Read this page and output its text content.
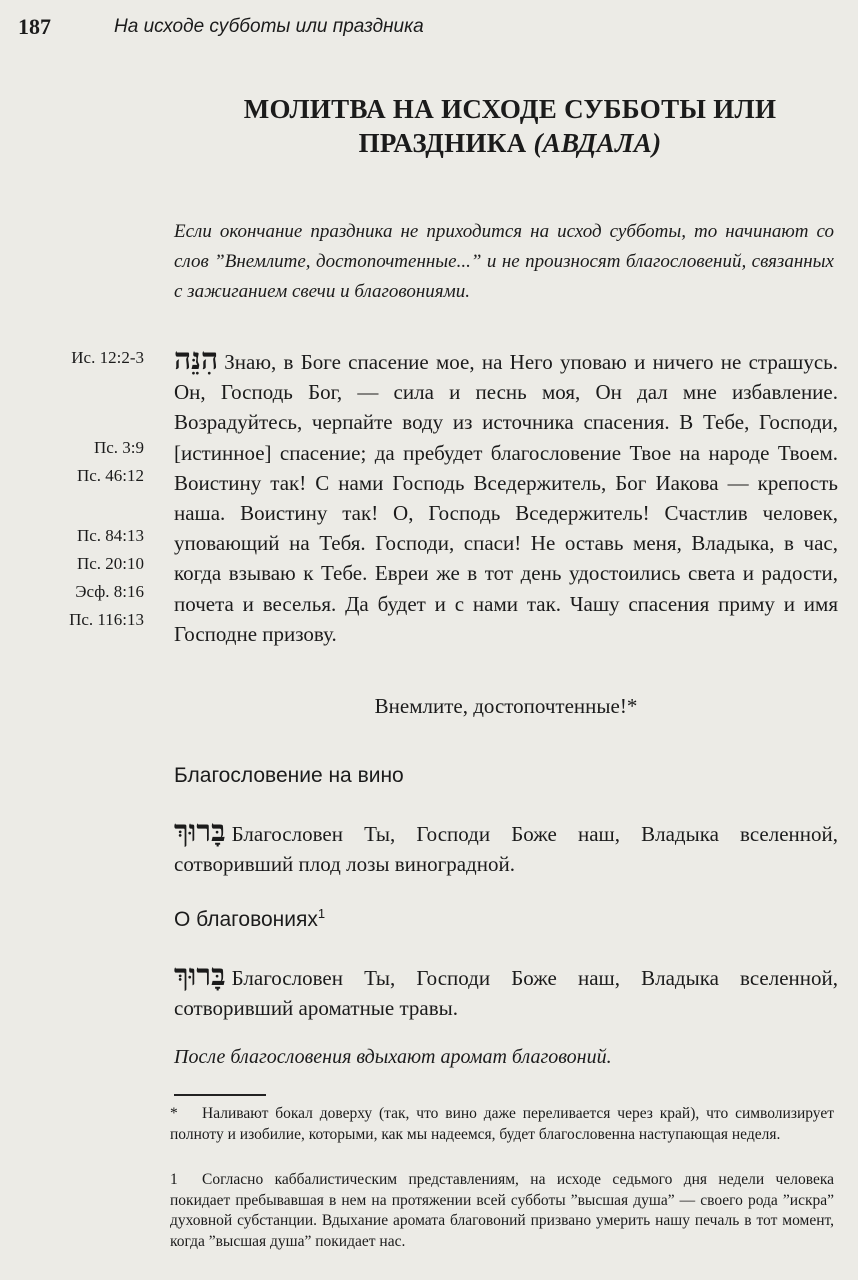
187	На исходе субботы или праздника
МОЛИТВА НА ИСХОДЕ СУББОТЫ ИЛИ
ПРАЗДНИКА (АВДАЛА)
Если окончание праздника не приходится на исход субботы, то начинают со слов ”Внемлите, достопочтенные...” и не произносят благословений, связанных с зажиганием свечи и благовониями.
Ис. 12:2-3
Пс. 3:9
Пс. 46:12
Пс. 84:13
Пс. 20:10
Эсф. 8:16
Пс. 116:13
הִנֵּה Знаю, в Боге спасение мое, на Него уповаю и ничего не страшусь. Он, Господь Бог, — сила и песнь моя, Он дал мне избавление. Возрадуйтесь, черпайте воду из источника спасения. В Тебе, Господи, [истинное] спасение; да пребудет благословение Твое на народе Твоем. Воистину так! С нами Господь Вседержитель, Бог Иакова — крепость наша. Воистину так! О, Господь Вседержитель! Счастлив человек, уповающий на Тебя. Господи, спаси! Не оставь меня, Владыка, в час, когда взываю к Тебе. Евреи же в тот день удостоились света и радости, почета и веселья. Да будет и с нами так. Чашу спасения приму и имя Господне призову.
Внемлите, достопочтенные!*
Благословение на вино
בָּרוּךְ Благословен Ты, Господи Боже наш, Владыка вселенной, сотворивший плод лозы виноградной.
О благовониях$^1$
בָּרוּךְ Благословен Ты, Господи Боже наш, Владыка вселенной, сотворивший ароматные травы.
После благословения вдыхают аромат благовоний.
* Наливают бокал доверху (так, что вино даже переливается через край), что символизирует полноту и изобилие, которыми, как мы надеемся, будет благословенна наступающая неделя.
1 Согласно каббалистическим представлениям, на исходе седьмого дня недели человека покидает пребывавшая в нем на протяжении всей субботы ”высшая душа” — своего рода ”искра” духовной субстанции. Вдыхание аромата благовоний призвано умерить нашу печаль в тот момент, когда ”высшая душа” покидает нас.
